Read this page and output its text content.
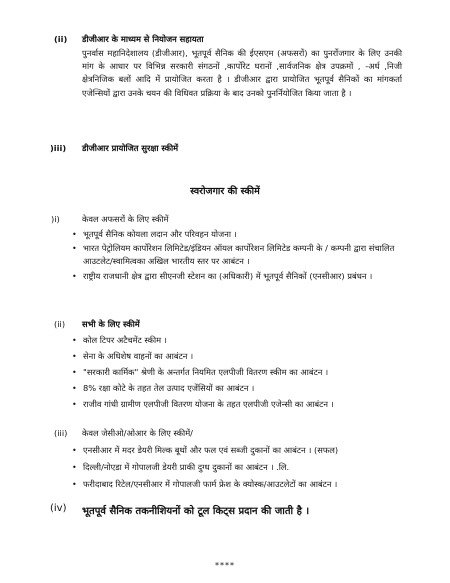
(ii) डीजीआर के माध्यम से नियोजन सहायता
पुनर्वास महानिदेशालय (डीजीआर), भूतपूर्व सैनिक की ईएसएम (अफसरों) का पुनर्रोजगार के लिए उनकी मांग के आधार पर विभिन्न सरकारी संगठनों ,कार्पोरेट घरानों ,सार्वजनिक क्षेत्र उपक्रमों , -अर्ध ,निजी क्षेत्रनिजिक बलों आदि में प्रायोजित करता है । डीजीआर द्वारा प्रायोजित भूतपूर्व सैनिकों का मांगकर्ता एजेन्सियों द्वारा उनके चयन की विधिवत प्रक्रिया के बाद उनको पुनर्नियोजित किया जाता है ।
)iii) डीजीआर प्रायोजित सुरक्षा स्कीमें
स्वरोजगार की स्कीमें
)i)	केवल अफसरों के लिए स्कीमें
• भूतपूर्व सैनिक कोयला लदान और परिवहन योजना ।
• भारत पेट्रोलियम कार्पोरेशन लिमिटेड/इंडियन ऑयल कार्पोरेशन लिमिटेड कम्पनी के / कम्पनी द्वारा संचालित आउटलेट/स्वामित्वका अखिल भारतीय स्तर पर आबंटन ।
• राष्ट्रीय राजधानी क्षेत्र द्वारा सीएनजी स्टेशन का (अधिकारी) में भूतपूर्व सैनिकों (एनसीआर) प्रबंधन ।
(ii) सभी के लिए स्कीमें
• कोल टिपर अटैचमेंट स्कीम ।
• सेना के अधिशेष वाहनों का आबंटन ।
• "सरकारी कार्मिक" श्रेणी के अन्तर्गत नियमित एलपीजी वितरण स्कीम का आबंटन ।
• 8% रक्षा कोटे के तहत तेल उत्पाद एजेंसियों का आबंटन ।
• राजीव गांधी ग्रामीण एलपीजी वितरण योजना के तहत एलपीजी एजेन्सी का आबंटन ।
(iii) केवल जेसीओ/ओआर के लिए स्कीमें/
• एनसीआर में मदर डेयरी मिल्क बूथों और फल एवं सब्जी दुकानों का आबंटन । (सफल)
• दिल्ली/नोएडा में गोपालजी डेयरी प्राकी दुग्ध दुकानों का आबंटन । .लि.
• फरीदाबाद रिटेल/एनसीआर में गोपालजी फार्म फ्रेश के क्योस्क/आउटलेटों का आबंटन ।
(iv) भूतपूर्व सैनिक तकनीशियनों को टूल किट्स प्रदान की जाती है ।
****
